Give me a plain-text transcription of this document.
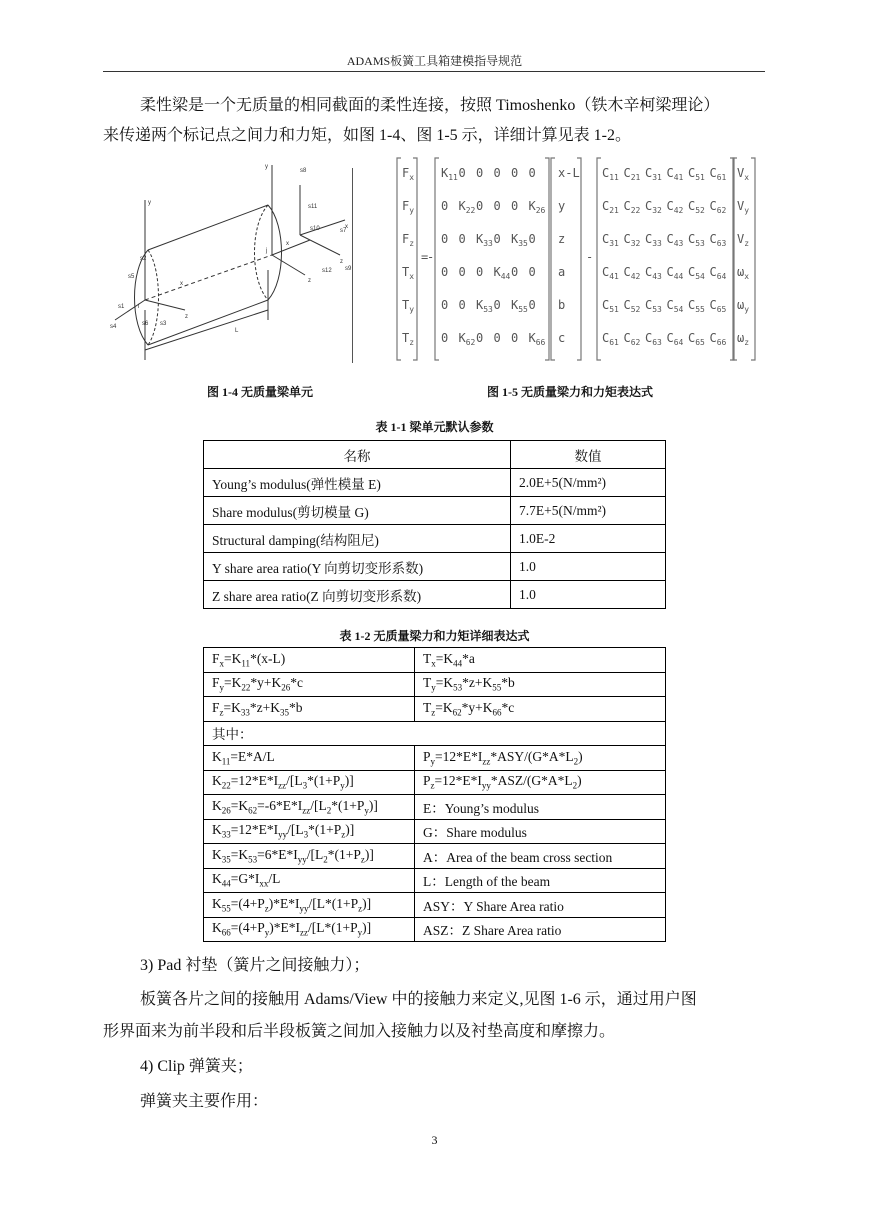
ADAMS板簧工具箱建模指导规范
柔性梁是一个无质量的相同截面的柔性连接，按照 Timoshenko（铁木辛柯梁理论）
来传递两个标记点之间力和力矩，如图 1-4、图 1-5 示，详细计算见表 1-2。
y
x
z
y
x
z
x
z
L
i
j
s1
s2
s3
s4
s5
s6
s7
s8
s9
s10
s11
s12
$F_x$
$F_y$
$F_z$
$T_x$
$T_y$
$T_z$
=
-
$K_{11}$ 0 0 0 0 0
0 $K_{22}$ 0 0 0 $K_{26}$
0 0 $K_{33}$ 0 $K_{35}$ 0
0 0 0 $K_{44}$ 0 0
0 0 $K_{53}$ 0 $K_{55}$ 0
0 $K_{62}$ 0 0 0 $K_{66}$
x-L
y
z
a
b
c
-
$C_{11}$ $C_{21}$ $C_{31}$ $C_{41}$ $C_{51}$ $C_{61}$
$C_{21}$ $C_{22}$ $C_{32}$ $C_{42}$ $C_{52}$ $C_{62}$
$C_{31}$ $C_{32}$ $C_{33}$ $C_{43}$ $C_{53}$ $C_{63}$
$C_{41}$ $C_{42}$ $C_{43}$ $C_{44}$ $C_{54}$ $C_{64}$
$C_{51}$ $C_{52}$ $C_{53}$ $C_{54}$ $C_{55}$ $C_{65}$
$C_{61}$ $C_{62}$ $C_{63}$ $C_{64}$ $C_{65}$ $C_{66}$
$V_x$
$V_y$
$V_z$
$\omega_x$
$\omega_y$
$\omega_z$
图 1-4 无质量梁单元	图 1-5 无质量梁力和力矩表达式
表 1-1 梁单元默认参数
名称	数值
Young’s modulus(弹性模量 E)	2.0E+5(N/mm²)
Share modulus(剪切模量 G)	7.7E+5(N/mm²)
Structural damping(结构阻尼)	1.0E-2
Y share area ratio(Y 向剪切变形系数)	1.0
Z share area ratio(Z 向剪切变形系数)	1.0
表 1-2 无质量梁力和力矩详细表达式
$F_x=K_{11}*(x-L)$	$T_x=K_{44}*a$
$F_y=K_{22}*y+K_{26}*c$	$T_y=K_{53}*z+K_{55}*b$
$F_z=K_{33}*z+K_{35}*b$	$T_z=K_{62}*y+K_{66}*c$
其中：	
$K_{11}=E*A/L$	$P_y=12*E*I_{zz}*ASY/(G*A*L_2)$
$K_{22}=12*E*I_{zz}/[L_3*(1+P_y)]$	$P_z=12*E*I_{yy}*ASZ/(G*A*L_2)$
$K_{26}=K_{62}=-6*E*I_{zz}/[L_2*(1+P_y)]$	E：Young’s modulus
$K_{33}=12*E*I_{yy}/[L_3*(1+P_z)]$	G：Share modulus
$K_{35}=K_{53}=6*E*I_{yy}/[L_2*(1+P_z)]$	A：Area of the beam cross section
$K_{44}=G*I_{xx}/L$	L：Length of the beam
$K_{55}=(4+P_z)*E*I_{yy}/[L*(1+P_z)]$	ASY：Y Share Area ratio
$K_{66}=(4+P_y)*E*I_{zz}/[L*(1+P_y)]$	ASZ：Z Share Area ratio
3) Pad 衬垫（簧片之间接触力）；
板簧各片之间的接触用 Adams/View 中的接触力来定义,见图 1-6 示，通过用户图
形界面来为前半段和后半段板簧之间加入接触力以及衬垫高度和摩擦力。
4) Clip 弹簧夹；
弹簧夹主要作用：
3
